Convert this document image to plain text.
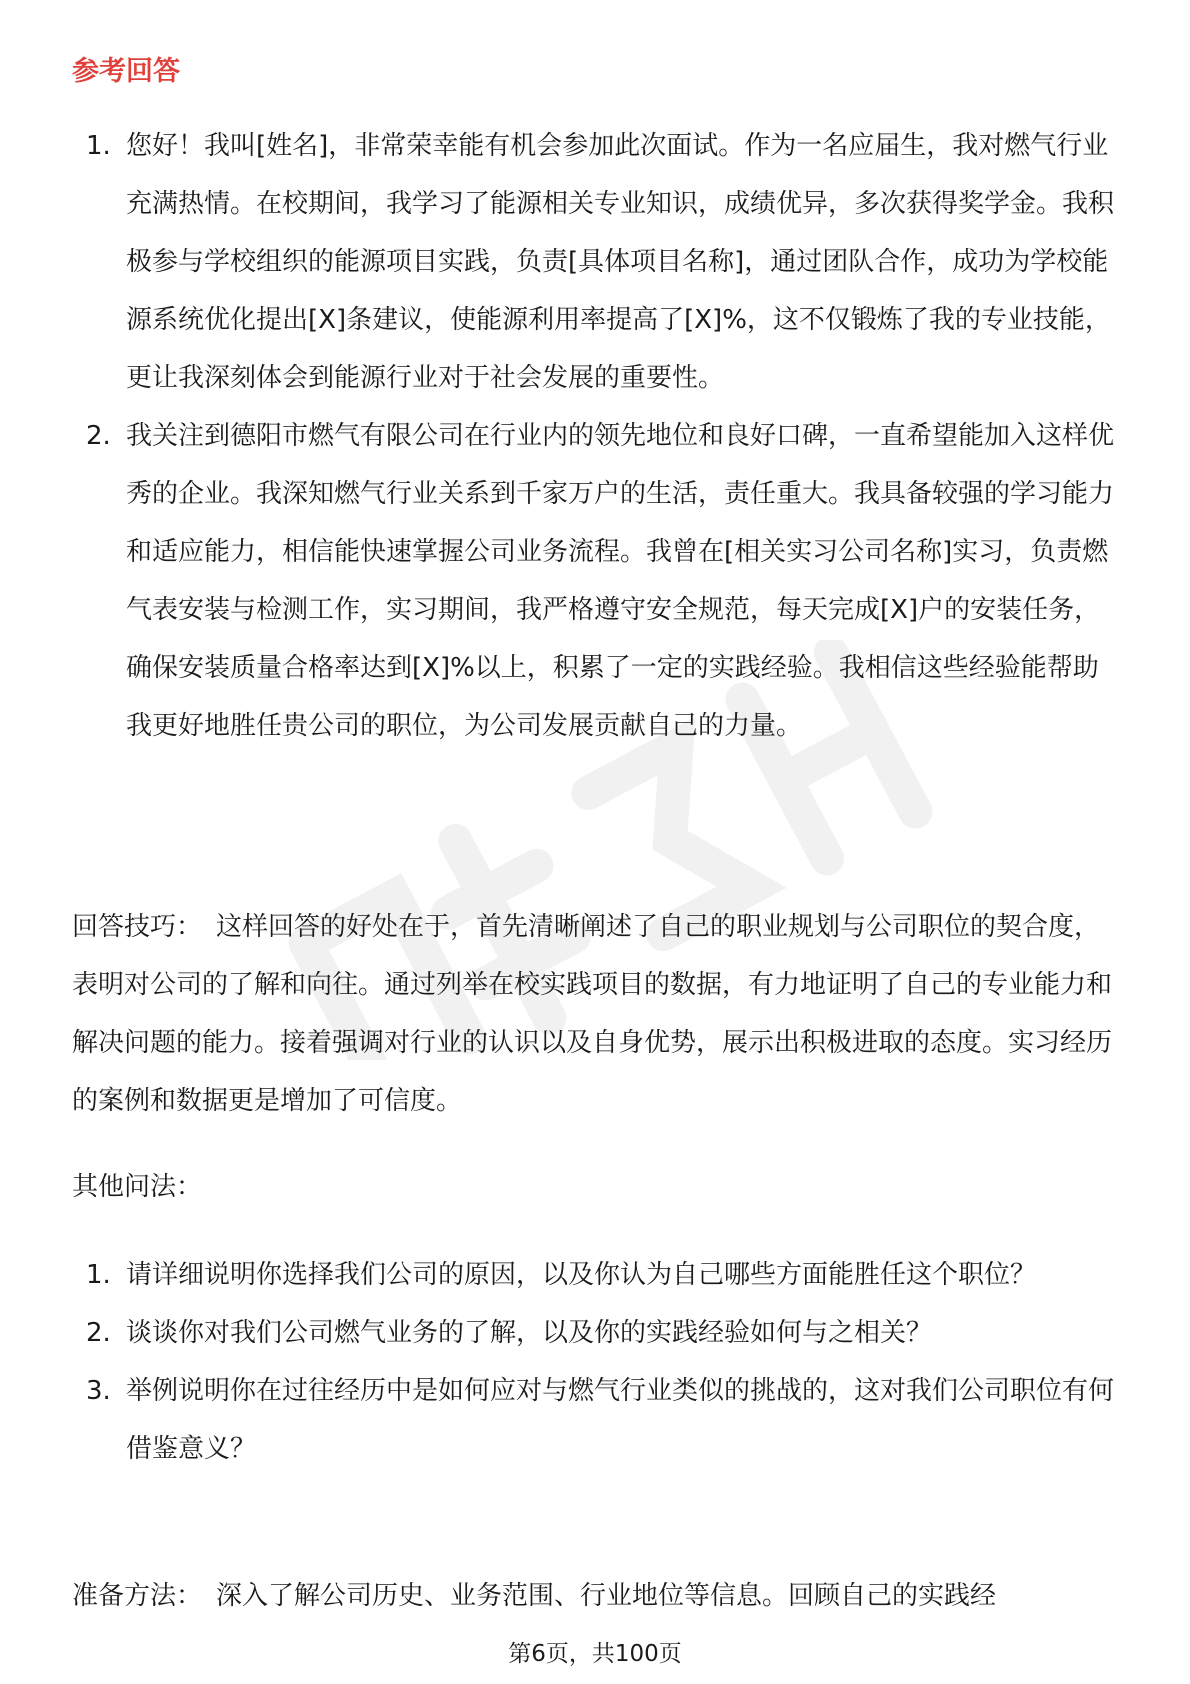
参考回答
1. 您好！我叫[姓名]，非常荣幸能有机会参加此次面试。作为一名应届生，我对燃气行业充满热情。在校期间，我学习了能源相关专业知识，成绩优异，多次获得奖学金。我积极参与学校组织的能源项目实践，负责[具体项目名称]，通过团队合作，成功为学校能源系统优化提出[X]条建议，使能源利用率提高了[X]%，这不仅锻炼了我的专业技能，更让我深刻体会到能源行业对于社会发展的重要性。
2. 我关注到德阳市燃气有限公司在行业内的领先地位和良好口碑，一直希望能加入这样优秀的企业。我深知燃气行业关系到千家万户的生活，责任重大。我具备较强的学习能力和适应能力，相信能快速掌握公司业务流程。我曾在[相关实习公司名称]实习，负责燃气表安装与检测工作，实习期间，我严格遵守安全规范，每天完成[X]户的安装任务，确保安装质量合格率达到[X]%以上，积累了一定的实践经验。我相信这些经验能帮助我更好地胜任贵公司的职位，为公司发展贡献自己的力量。
回答技巧： 这样回答的好处在于，首先清晰阐述了自己的职业规划与公司职位的契合度，表明对公司的了解和向往。通过列举在校实践项目的数据，有力地证明了自己的专业能力和解决问题的能力。接着强调对行业的认识以及自身优势，展示出积极进取的态度。实习经历的案例和数据更是增加了可信度。
其他问法：
1. 请详细说明你选择我们公司的原因，以及你认为自己哪些方面能胜任这个职位？
2. 谈谈你对我们公司燃气业务的了解，以及你的实践经验如何与之相关？
3. 举例说明你在过往经历中是如何应对与燃气行业类似的挑战的，这对我们公司职位有何借鉴意义？
准备方法： 深入了解公司历史、业务范围、行业地位等信息。回顾自己的实践经
第6页，共100页
